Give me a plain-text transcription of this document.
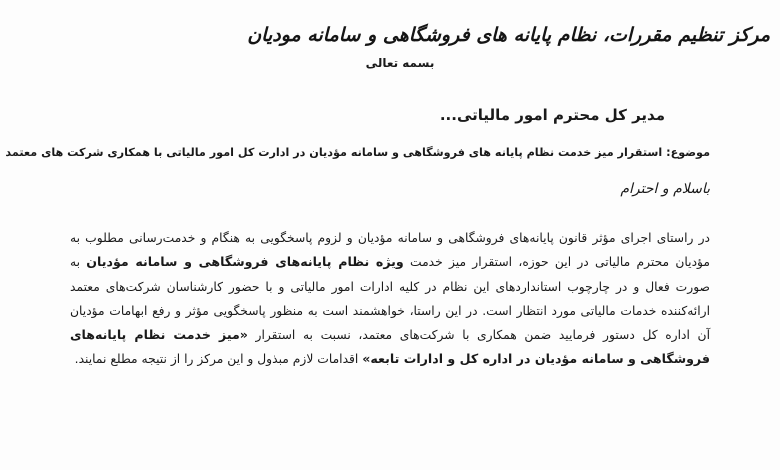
مرکز تنظیم مقررات، نظام پایانه های فروشگاهی و سامانه مودیان
بسمه تعالی
مدیر کل محترم امور مالیاتی...
موضوع: استقرار میز خدمت نظام پایانه های فروشگاهی و سامانه مؤدیان در ادارت کل امور مالیاتی با همکاری شرکت های معتمد
باسلام و احترام

در راستای اجرای مؤثر قانون پایانه‌های فروشگاهی و سامانه مؤدیان و لزوم پاسخگویی به هنگام و خدمت‌رسانی مطلوب به مؤدیان محترم مالیاتی در این حوزه، استقرار میز خدمت ویژه نظام پایانه‌های فروشگاهی و سامانه مؤدیان به صورت فعال و در چارچوب استانداردهای این نظام در کلیه ادارات امور مالیاتی و با حضور کارشناسان شرکت‌های معتمد ارائه‌کننده خدمات مالیاتی مورد انتظار است. در این راستا، خواهشمند است به منظور پاسخگویی مؤثر و رفع ابهامات مؤدیان آن اداره کل دستور فرمایید ضمن همکاری با شرکت‌های معتمد، نسبت به استقرار «میز خدمت نظام پایانه‌های فروشگاهی و سامانه مؤدیان در اداره کل و ادارات تابعه» اقدامات لازم مبذول و این مرکز را از نتیجه مطلع نمایند.
